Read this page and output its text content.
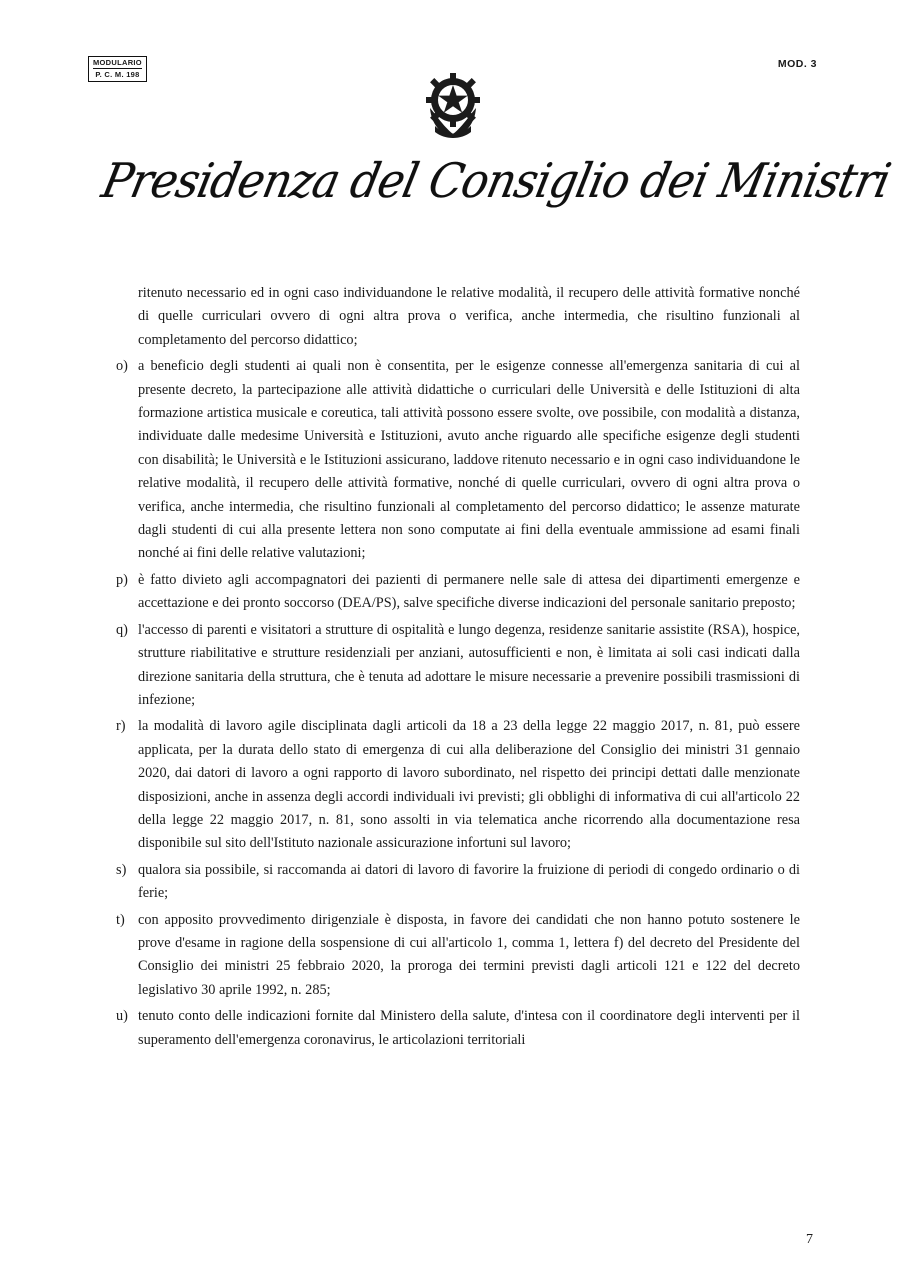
MODULARIO
P. C. M. 198
MOD. 3
Presidenza del Consiglio dei Ministri

ritenuto necessario ed in ogni caso individuandone le relative modalità, il recupero delle attività formative nonché di quelle curriculari ovvero di ogni altra prova o verifica, anche intermedia, che risultino funzionali al completamento del percorso didattico;

o) a beneficio degli studenti ai quali non è consentita, per le esigenze connesse all'emergenza sanitaria di cui al presente decreto, la partecipazione alle attività didattiche o curriculari delle Università e delle Istituzioni di alta formazione artistica musicale e coreutica, tali attività possono essere svolte, ove possibile, con modalità a distanza, individuate dalle medesime Università e Istituzioni, avuto anche riguardo alle specifiche esigenze degli studenti con disabilità; le Università e le Istituzioni assicurano, laddove ritenuto necessario e in ogni caso individuandone le relative modalità, il recupero delle attività formative, nonché di quelle curriculari, ovvero di ogni altra prova o verifica, anche intermedia, che risultino funzionali al completamento del percorso didattico; le assenze maturate dagli studenti di cui alla presente lettera non sono computate ai fini della eventuale ammissione ad esami finali nonché ai fini delle relative valutazioni;
p) è fatto divieto agli accompagnatori dei pazienti di permanere nelle sale di attesa dei dipartimenti emergenze e accettazione e dei pronto soccorso (DEA/PS), salve specifiche diverse indicazioni del personale sanitario preposto;
q) l'accesso di parenti e visitatori a strutture di ospitalità e lungo degenza, residenze sanitarie assistite (RSA), hospice, strutture riabilitative e strutture residenziali per anziani, autosufficienti e non, è limitata ai soli casi indicati dalla direzione sanitaria della struttura, che è tenuta ad adottare le misure necessarie a prevenire possibili trasmissioni di infezione;
r) la modalità di lavoro agile disciplinata dagli articoli da 18 a 23 della legge 22 maggio 2017, n. 81, può essere applicata, per la durata dello stato di emergenza di cui alla deliberazione del Consiglio dei ministri 31 gennaio 2020, dai datori di lavoro a ogni rapporto di lavoro subordinato, nel rispetto dei principi dettati dalle menzionate disposizioni, anche in assenza degli accordi individuali ivi previsti; gli obblighi di informativa di cui all'articolo 22 della legge 22 maggio 2017, n. 81, sono assolti in via telematica anche ricorrendo alla documentazione resa disponibile sul sito dell'Istituto nazionale assicurazione infortuni sul lavoro;
s) qualora sia possibile, si raccomanda ai datori di lavoro di favorire la fruizione di periodi di congedo ordinario o di ferie;
t) con apposito provvedimento dirigenziale è disposta, in favore dei candidati che non hanno potuto sostenere le prove d'esame in ragione della sospensione di cui all'articolo 1, comma 1, lettera f) del decreto del Presidente del Consiglio dei ministri 25 febbraio 2020, la proroga dei termini previsti dagli articoli 121 e 122 del decreto legislativo 30 aprile 1992, n. 285;
u) tenuto conto delle indicazioni fornite dal Ministero della salute, d'intesa con il coordinatore degli interventi per il superamento dell'emergenza coronavirus, le articolazioni territoriali
7
